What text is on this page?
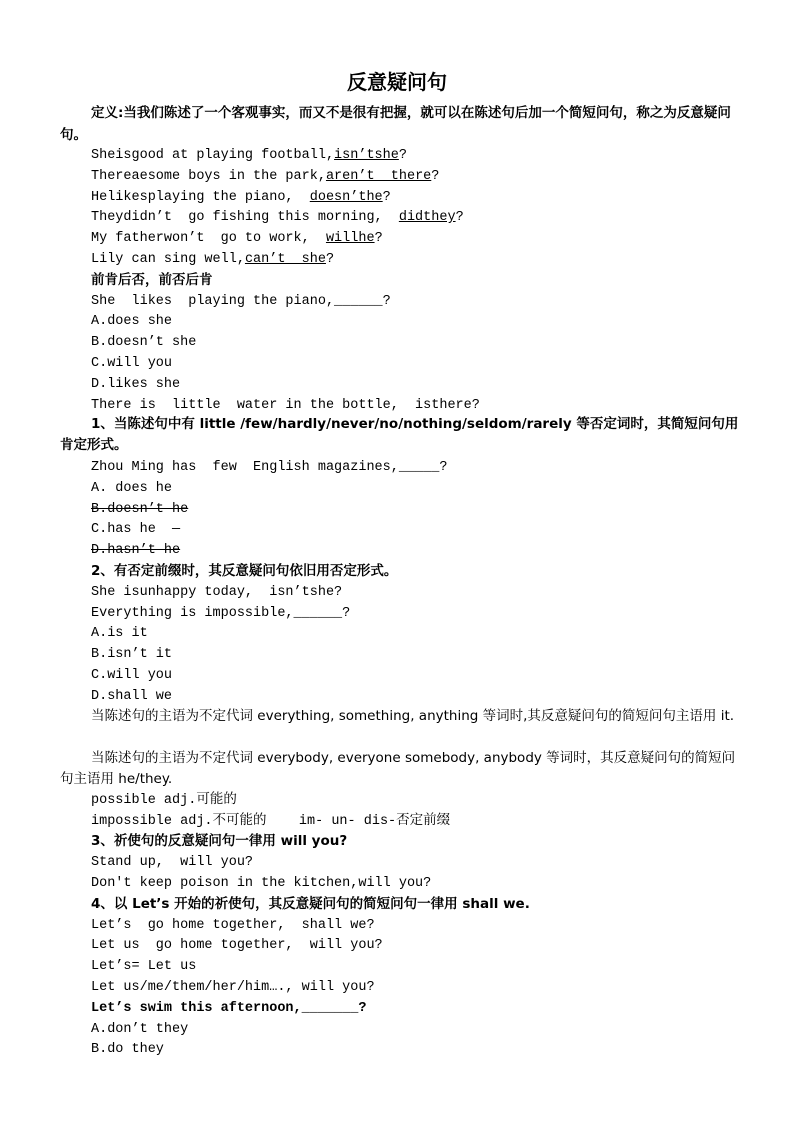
反意疑问句
定义:当我们陈述了一个客观事实，而又不是很有把握，就可以在陈述句后加一个简短问句，称之为反意疑问句。
Sheisgood at playing football,isn’tshe?
Thereaesome boys in the park,aren’t  there?
Helikesplaying the piano,  doesn’the?
Theydidn’t  go fishing this morning,  didthey?
My fatherwon’t  go to work,  willhe?
Lily can sing well,can’t  she?
前肯后否，前否后肯
She  likes  playing the piano,______?
A.does she
B.doesn’t she
C.will you
D.likes she
There is  little  water in the bottle,  isthere?
1、当陈述句中有 little /few/hardly/never/no/nothing/seldom/rarely 等否定词时，其简短问句用肯定形式。
Zhou Ming has  few  English magazines,_____?
A. does he
B.doesn’t he
C.has he  —
D.hasn’t he
2、有否定前缀时，其反意疑问句依旧用否定形式。
She isunhappy today,  isn’tshe?
Everything is impossible,______?
A.is it
B.isn’t it
C.will you
D.shall we
当陈述句的主语为不定代词 everything, something, anything 等词时,其反意疑问句的简短问句主语用 it.
当陈述句的主语为不定代词 everybody, everyone somebody, anybody 等词时，其反意疑问句的简短问句主语用 he/they.
possible adj.可能的
impossible adj.不可能的    im- un- dis-否定前缀
3、祈使句的反意疑问句一律用 will you?
Stand up,  will you?
Don't keep poison in the kitchen,will you?
4、以 Let’s 开始的祈使句，其反意疑问句的简短问句一律用 shall we.
Let’s  go home together,  shall we?
Let us  go home together,  will you?
Let’s= Let us
Let us/me/them/her/him…., will you?
Let’s swim this afternoon,_______?
A.don’t they
B.do they
